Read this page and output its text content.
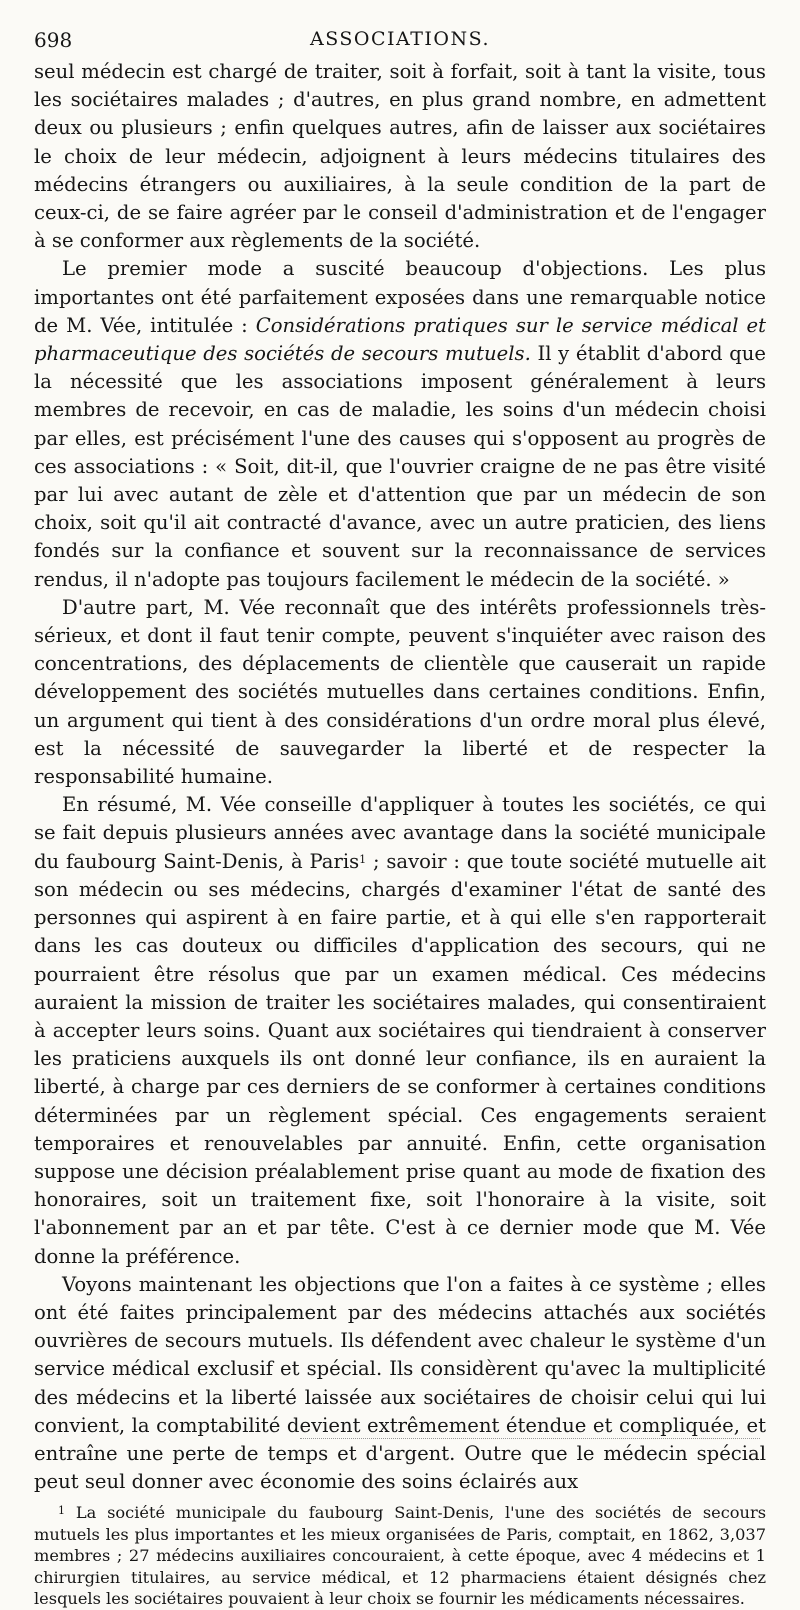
698	ASSOCIATIONS.

seul médecin est chargé de traiter, soit à forfait, soit à tant la visite, tous les sociétaires malades ; d'autres, en plus grand nombre, en admettent deux ou plusieurs ; enfin quelques autres, afin de laisser aux sociétaires le choix de leur médecin, adjoignent à leurs médecins titulaires des médecins étrangers ou auxiliaires, à la seule condition de la part de ceux-ci, de se faire agréer par le conseil d'administration et de l'engager à se conformer aux règlements de la société.

Le premier mode a suscité beaucoup d'objections. Les plus importantes ont été parfaitement exposées dans une remarquable notice de M. Vée, intitulée : Considérations pratiques sur le service médical et pharmaceutique des sociétés de secours mutuels. Il y établit d'abord que la nécessité que les associations imposent généralement à leurs membres de recevoir, en cas de maladie, les soins d'un médecin choisi par elles, est précisément l'une des causes qui s'opposent au progrès de ces associations : « Soit, dit-il, que l'ouvrier craigne de ne pas être visité par lui avec autant de zèle et d'attention que par un médecin de son choix, soit qu'il ait contracté d'avance, avec un autre praticien, des liens fondés sur la confiance et souvent sur la reconnaissance de services rendus, il n'adopte pas toujours facilement le médecin de la société. »

D'autre part, M. Vée reconnaît que des intérêts professionnels très-sérieux, et dont il faut tenir compte, peuvent s'inquiéter avec raison des concentrations, des déplacements de clientèle que causerait un rapide développement des sociétés mutuelles dans certaines conditions. Enfin, un argument qui tient à des considérations d'un ordre moral plus élevé, est la nécessité de sauvegarder la liberté et de respecter la responsabilité humaine.

En résumé, M. Vée conseille d'appliquer à toutes les sociétés, ce qui se fait depuis plusieurs années avec avantage dans la société municipale du faubourg Saint-Denis, à Paris$^1$ ; savoir : que toute société mutuelle ait son médecin ou ses médecins, chargés d'examiner l'état de santé des personnes qui aspirent à en faire partie, et à qui elle s'en rapporterait dans les cas douteux ou difficiles d'application des secours, qui ne pourraient être résolus que par un examen médical. Ces médecins auraient la mission de traiter les sociétaires malades, qui consentiraient à accepter leurs soins. Quant aux sociétaires qui tiendraient à conserver les praticiens auxquels ils ont donné leur confiance, ils en auraient la liberté, à charge par ces derniers de se conformer à certaines conditions déterminées par un règlement spécial. Ces engagements seraient temporaires et renouvelables par annuité. Enfin, cette organisation suppose une décision préalablement prise quant au mode de fixation des honoraires, soit un traitement fixe, soit l'honoraire à la visite, soit l'abonnement par an et par tête. C'est à ce dernier mode que M. Vée donne la préférence.

Voyons maintenant les objections que l'on a faites à ce système ; elles ont été faites principalement par des médecins attachés aux sociétés ouvrières de secours mutuels. Ils défendent avec chaleur le système d'un service médical exclusif et spécial. Ils considèrent qu'avec la multiplicité des médecins et la liberté laissée aux sociétaires de choisir celui qui lui convient, la comptabilité devient extrêmement étendue et compliquée, et entraîne une perte de temps et d'argent. Outre que le médecin spécial peut seul donner avec économie des soins éclairés aux

$^1$ La société municipale du faubourg Saint-Denis, l'une des sociétés de secours mutuels les plus importantes et les mieux organisées de Paris, comptait, en 1862, 3,037 membres ; 27 médecins auxiliaires concouraient, à cette époque, avec 4 médecins et 1 chirurgien titulaires, au service médical, et 12 pharmaciens étaient désignés chez lesquels les sociétaires pouvaient à leur choix se fournir les médicaments nécessaires.
